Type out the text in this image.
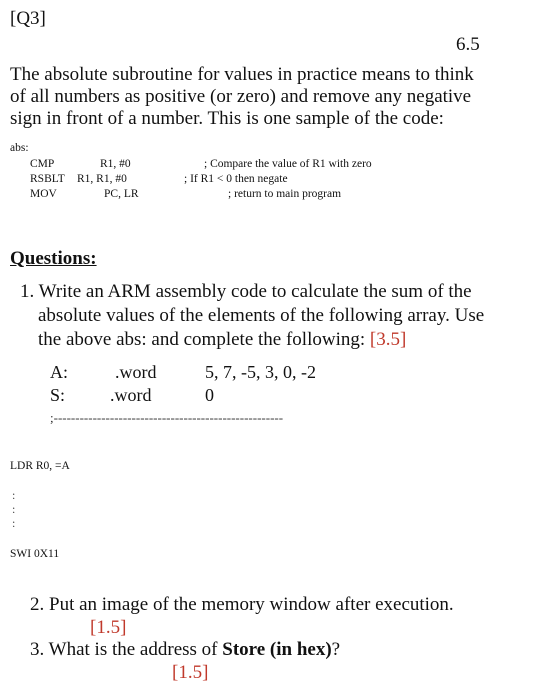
[Q3]
6.5
The absolute subroutine for values in practice means to think
of all numbers as positive (or zero) and remove any negative
sign in front of a number. This is one sample of the code:
abs:
CMP	R1, #0	; Compare the value of R1 with zero
RSBLT R1, R1, #0	; If R1 < 0 then negate
MOV	PC, LR	; return to main program
Questions:
1. Write an ARM assembly code to calculate the sum of the
absolute values of the elements of the following array. Use
the above abs: and complete the following: [3.5]
A:	.word	5, 7, -5, 3, 0, -2
S: .word	0
;-----------------------------------------------------
LDR R0, =A
:
:
:
SWI 0X11
2. Put an image of the memory window after execution.
[1.5]
3. What is the address of Store (in hex)?
[1.5]
